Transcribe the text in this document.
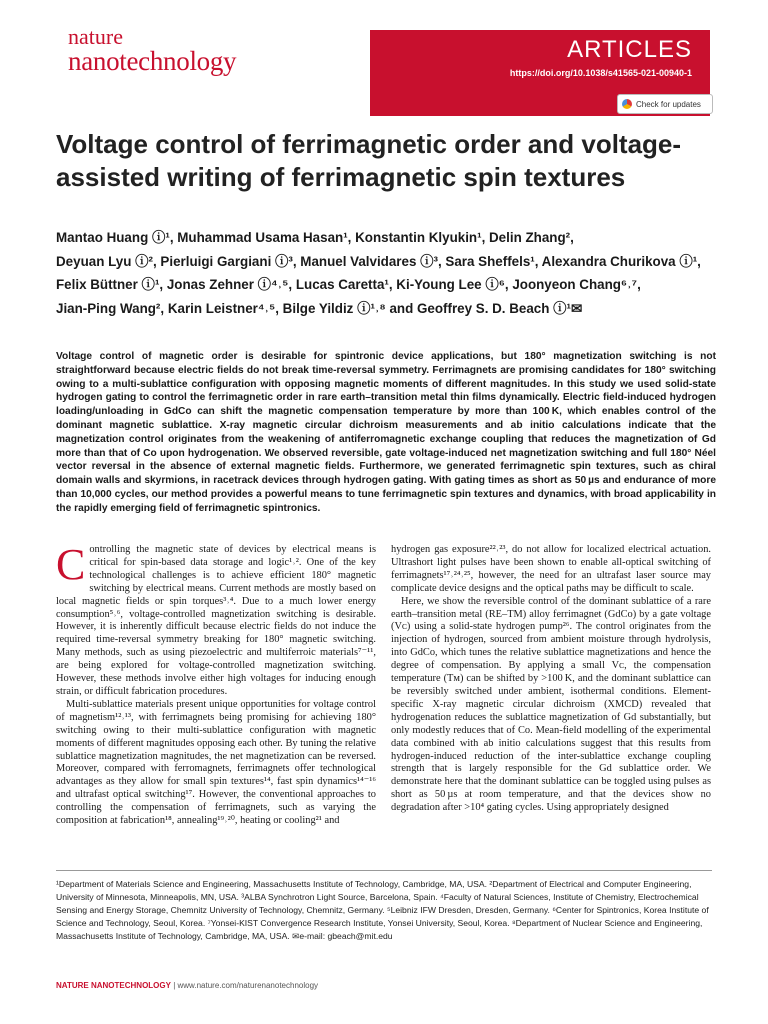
nature
nanotechnology	ARTICLES
https://doi.org/10.1038/s41565-021-00940-1
Check for updates
Voltage control of ferrimagnetic order and voltage-assisted writing of ferrimagnetic spin textures
Mantao Huang ⓘ¹, Muhammad Usama Hasan¹, Konstantin Klyukin¹, Delin Zhang²,
Deyuan Lyu ⓘ², Pierluigi Gargiani ⓘ³, Manuel Valvidares ⓘ³, Sara Sheffels¹, Alexandra Churikova ⓘ¹,
Felix Büttner ⓘ¹, Jonas Zehner ⓘ⁴˒⁵, Lucas Caretta¹, Ki-Young Lee ⓘ⁶, Joonyeon Chang⁶˒⁷,
Jian-Ping Wang², Karin Leistner⁴˒⁵, Bilge Yildiz ⓘ¹˒⁸ and Geoffrey S. D. Beach ⓘ¹✉
Voltage control of magnetic order is desirable for spintronic device applications, but 180° magnetization switching is not straightforward because electric fields do not break time-reversal symmetry. Ferrimagnets are promising candidates for 180° switching owing to a multi-sublattice configuration with opposing magnetic moments of different magnitudes. In this study we used solid-state hydrogen gating to control the ferrimagnetic order in rare earth–transition metal thin films dynamically. Electric field-induced hydrogen loading/unloading in GdCo can shift the magnetic compensation temperature by more than 100 K, which enables control of the dominant magnetic sublattice. X-ray magnetic circular dichroism measurements and ab initio calculations indicate that the magnetization control originates from the weakening of antiferromagnetic exchange coupling that reduces the magnetization of Gd more than that of Co upon hydrogenation. We observed reversible, gate voltage-induced net magnetization switching and full 180° Néel vector reversal in the absence of external magnetic fields. Furthermore, we generated ferrimagnetic spin textures, such as chiral domain walls and skyrmions, in racetrack devices through hydrogen gating. With gating times as short as 50 µs and endurance of more than 10,000 cycles, our method provides a powerful means to tune ferrimagnetic spin textures and dynamics, with broad applicability in the rapidly emerging field of ferrimagnetic spintronics.

Controlling the magnetic state of devices by electrical means is critical for spin-based data storage and logic¹˒². One of the key technological challenges is to achieve efficient 180° magnetic switching by electrical means. Current methods are mostly based on local magnetic fields or spin torques³˒⁴. Due to a much lower energy consumption⁵˒⁶, voltage-controlled magnetization switching is desirable. However, it is inherently difficult because electric fields do not induce the required time-reversal symmetry breaking for 180° magnetic switching. Many methods, such as using piezoelectric and multiferroic materials⁷⁻¹¹, are being explored for voltage-controlled magnetization switching. However, these methods involve either high voltages for inducing enough strain, or difficult fabrication procedures.

Multi-sublattice materials present unique opportunities for voltage control of magnetism¹²˒¹³, with ferrimagnets being promising for achieving 180° switching owing to their multi-sublattice configuration with magnetic moments of different magnitudes opposing each other. By tuning the relative sublattice magnetization magnitudes, the net magnetization can be reversed. Moreover, compared with ferromagnets, ferrimagnets offer technological advantages as they allow for small spin textures¹⁴, fast spin dynamics¹⁴⁻¹⁶ and ultrafast optical switching¹⁷. However, the conventional approaches to controlling the compensation of ferrimagnets, such as varying the composition at fabrication¹⁸, annealing¹⁹˒²⁰, heating or cooling²¹ and

hydrogen gas exposure²²˒²³, do not allow for localized electrical actuation. Ultrashort light pulses have been shown to enable all-optical switching of ferrimagnets¹⁷˒²⁴˒²⁵, however, the need for an ultrafast laser source may complicate device designs and the optical paths may be difficult to scale.

Here, we show the reversible control of the dominant sublattice of a rare earth–transition metal (RE–TM) alloy ferrimagnet (GdCo) by a gate voltage (Vᴄ) using a solid-state hydrogen pump²⁶. The control originates from the injection of hydrogen, sourced from ambient moisture through hydrolysis, into GdCo, which tunes the relative sublattice magnetizations and hence the degree of compensation. By applying a small Vᴄ, the compensation temperature (Tᴍ) can be shifted by >100 K, and the dominant sublattice can be reversibly switched under ambient, isothermal conditions. Element-specific X-ray magnetic circular dichroism (XMCD) revealed that hydrogenation reduces the sublattice magnetization of Gd substantially, but only modestly reduces that of Co. Mean-field modelling of the experimental data combined with ab initio calculations suggest that this results from hydrogen-induced reduction of the inter-sublattice exchange coupling strength that is largely responsible for the Gd sublattice order. We demonstrate here that the dominant sublattice can be toggled using pulses as short as 50 µs at room temperature, and that the devices show no degradation after >10⁴ gating cycles. Using appropriately designed

¹Department of Materials Science and Engineering, Massachusetts Institute of Technology, Cambridge, MA, USA. ²Department of Electrical and Computer Engineering, University of Minnesota, Minneapolis, MN, USA. ³ALBA Synchrotron Light Source, Barcelona, Spain. ⁴Faculty of Natural Sciences, Institute of Chemistry, Electrochemical Sensing and Energy Storage, Chemnitz University of Technology, Chemnitz, Germany. ⁵Leibniz IFW Dresden, Dresden, Germany. ⁶Center for Spintronics, Korea Institute of Science and Technology, Seoul, Korea. ⁷Yonsei-KIST Convergence Research Institute, Yonsei University, Seoul, Korea. ⁸Department of Nuclear Science and Engineering, Massachusetts Institute of Technology, Cambridge, MA, USA. ✉e-mail: gbeach@mit.edu
NATURE NANOTECHNOLOGY | www.nature.com/naturenanotechnology
